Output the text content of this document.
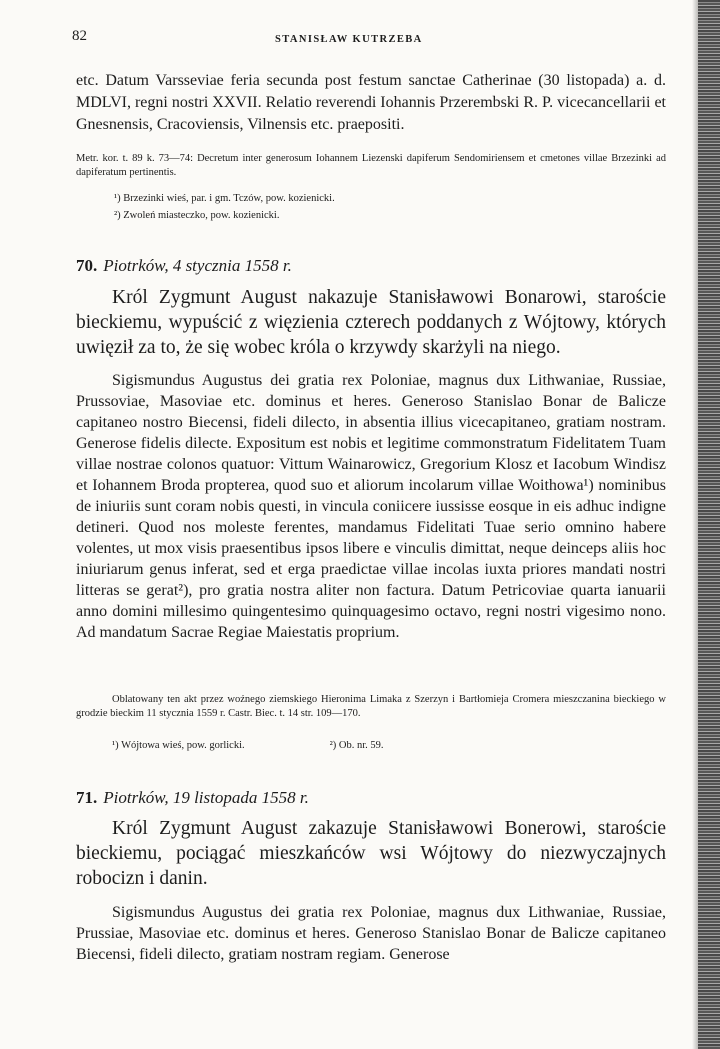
82	STANISŁAW KUTRZEBA
etc. Datum Varsseviae feria secunda post festum sanctae Catherinae (30 listopada) a. d. MDLVI, regni nostri XXVII. Relatio reverendi Iohannis Przerembski R. P. vicecancellarii et Gnesnensis, Cracoviensis, Vilnensis etc. praepositi.
Metr. kor. t. 89 k. 73—74: Decretum inter generosum Iohannem Liezenski dapiferum Sendomiriensem et cmetones villae Brzezinki ad dapiferatum pertinentis.
¹) Brzezinki wieś, par. i gm. Tczów, pow. kozienicki.
²) Zwoleń miasteczko, pow. kozienicki.
70. Piotrków, 4 stycznia 1558 r.
Król Zygmunt August nakazuje Stanisławowi Bonarowi, staroście bieckiemu, wypuścić z więzienia czterech poddanych z Wójtowy, których uwięził za to, że się wobec króla o krzywdy skarżyli na niego.
Sigismundus Augustus dei gratia rex Poloniae, magnus dux Lithwaniae, Russiae, Prussoviae, Masoviae etc. dominus et heres. Generoso Stanislao Bonar de Balicze capitaneo nostro Biecensi, fideli dilecto, in absentia illius vicecapitaneo, gratiam nostram. Generose fidelis dilecte. Expositum est nobis et legitime commonstratum Fidelitatem Tuam villae nostrae colonos quatuor: Vittum Wainarowicz, Gregorium Klosz et Iacobum Windisz et Iohannem Broda propterea, quod suo et aliorum incolarum villae Woithowa¹) nominibus de iniuriis sunt coram nobis questi, in vincula coniicere iussisse eosque in eis adhuc indigne detineri. Quod nos moleste ferentes, mandamus Fidelitati Tuae serio omnino habere volentes, ut mox visis praesentibus ipsos libere e vinculis dimittat, neque deinceps aliis hoc iniuriarum genus inferat, sed et erga praedictae villae incolas iuxta priores mandati nostri litteras se gerat²), pro gratia nostra aliter non factura. Datum Petricoviae quarta ianuarii anno domini millesimo quingentesimo quinquagesimo octavo, regni nostri vigesimo nono. Ad mandatum Sacrae Regiae Maiestatis proprium.
Oblatowany ten akt przez woźnego ziemskiego Hieronima Limaka z Szerzyn i Bartłomieja Cromera mieszczanina bieckiego w grodzie bieckim 11 stycznia 1559 r. Castr. Biec. t. 14 str. 109—170.
¹) Wójtowa wieś, pow. gorlicki.	²) Ob. nr. 59.
71. Piotrków, 19 listopada 1558 r.
Król Zygmunt August zakazuje Stanisławowi Bonerowi, staroście bieckiemu, pociągać mieszkańców wsi Wójtowy do niezwyczajnych robocizn i danin.
Sigismundus Augustus dei gratia rex Poloniae, magnus dux Lithwaniae, Russiae, Prussiae, Masoviae etc. dominus et heres. Generoso Stanislao Bonar de Balicze capitaneo Biecensi, fideli dilecto, gratiam nostram regiam. Generose
